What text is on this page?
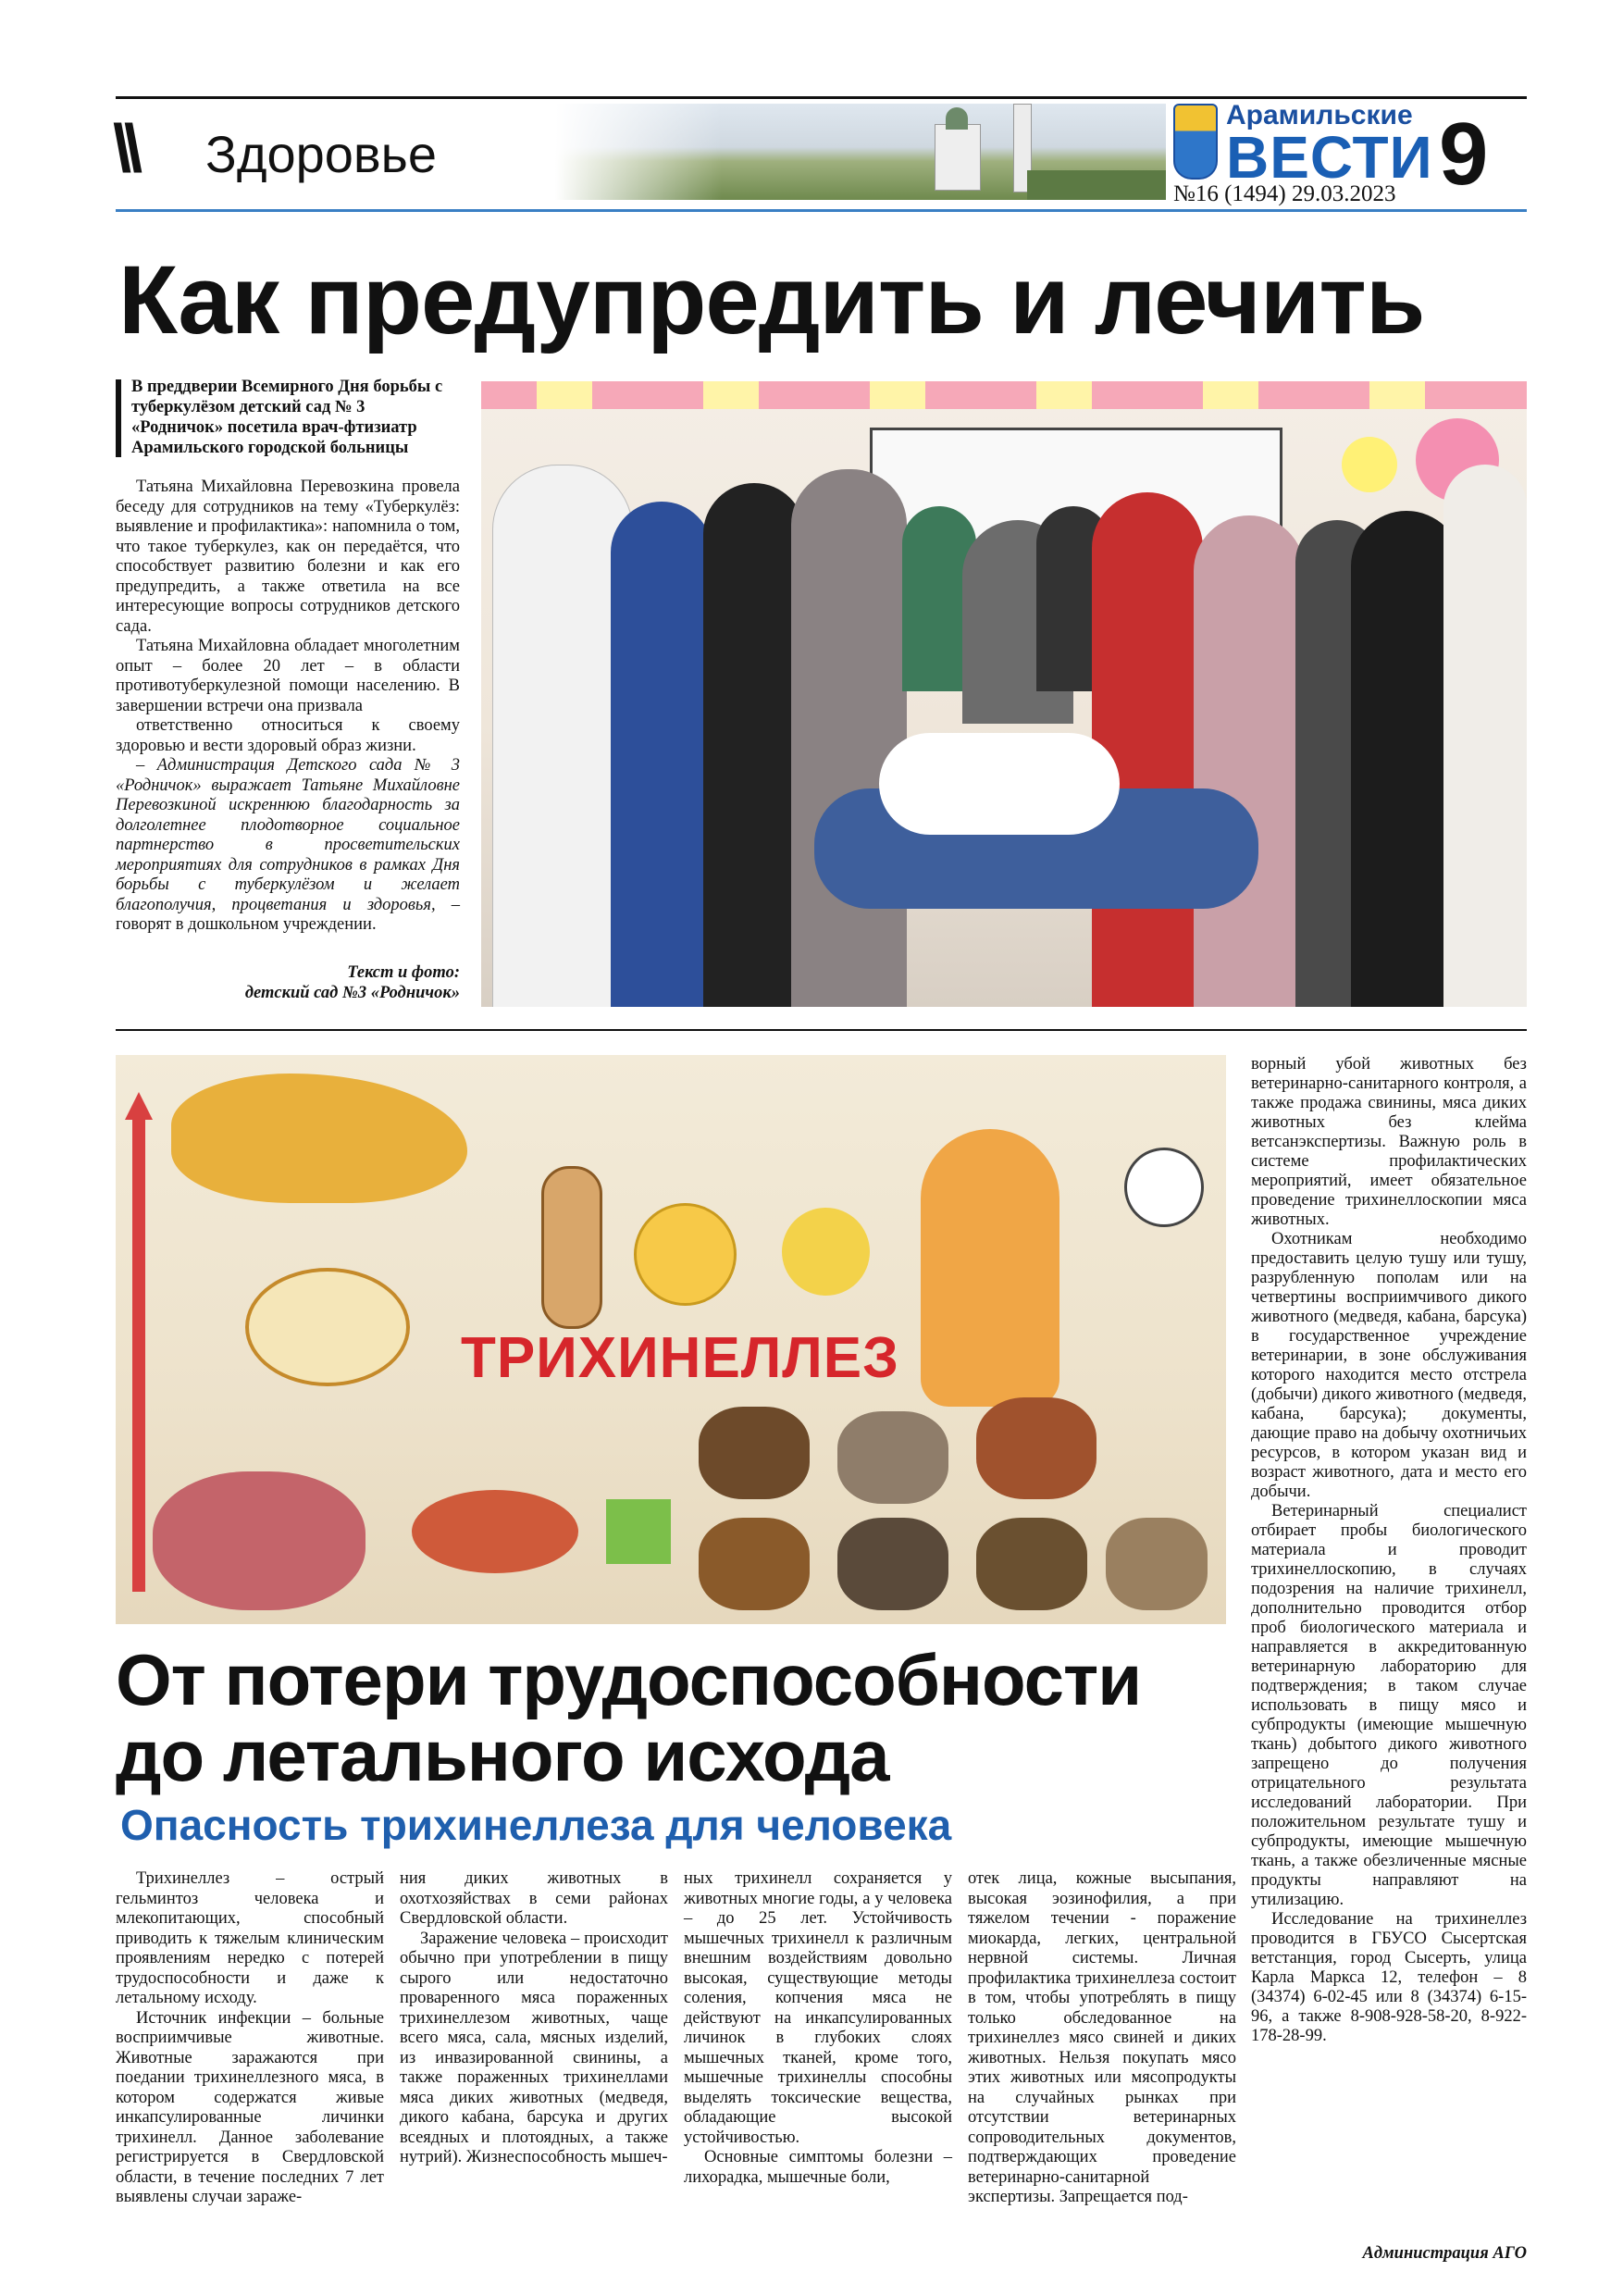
\\ Здоровье
Арамильские
ВЕСТИ
№16 (1494) 29.03.2023 9
Как предупредить и лечить
В преддверии Всемирного Дня борьбы с туберкулёзом детский сад № 3 «Родничок» посетила врач-фтизиатр Арамильского городской больницы

Татьяна Михайловна Перевозкина провела беседу для сотрудников на тему «Туберкулёз: выявление и профилактика»: напомнила о том, что такое туберкулез, как он передаётся, что способствует развитию болезни и как его предупредить, а также ответила на все интересующие вопросы сотрудников детского сада.

Татьяна Михайловна обладает многолетним опыт – более 20 лет – в области противотуберкулезной помощи населению. В завершении встречи она призвала

ответственно относиться к своему здоровью и вести здоровый образ жизни.

– Администрация Детского сада № 3 «Родничок» выражает Татьяне Михайловне Перевозкиной искреннюю благодарность за долголетнее плодотворное социальное партнерство в просветительских мероприятиях для сотрудников в рамках Дня борьбы с туберкулёзом и желает благополучия, процветания и здоровья, – говорят в дошкольном учреждении.

Текст и фото:
детский сад №3 «Родничок»
ТРИХИНЕЛЛЕЗ
От потери трудоспособности
до летального исхода
Опасность трихинеллеза для человека

Трихинеллез – острый гельминтоз человека и млекопитающих, способный приводить к тяжелым клиническим проявлениям нередко с потерей трудоспособности и даже к летальному исходу.

Источник инфекции – больные восприимчивые животные. Животные заражаются при поедании трихинеллезного мяса, в котором содержатся живые инкапсулированные личинки трихинелл. Данное заболевание регистрируется в Свердловской области, в течение последних 7 лет выявлены случаи зараже-

ния диких животных в охотхозяйствах в семи районах Свердловской области.

Заражение человека – происходит обычно при употреблении в пищу сырого или недостаточно проваренного мяса пораженных трихинеллезом животных, чаще всего мяса, сала, мясных изделий, из инвазированной свинины, а также пораженных трихинеллами мяса диких животных (медведя, дикого кабана, барсука и других всеядных и плотоядных, а также нутрий). Жизнеспособность мышеч-

ных трихинелл сохраняется у животных многие годы, а у человека – до 25 лет. Устойчивость мышечных трихинелл к различным внешним воздействиям довольно высокая, существующие методы соления, копчения мяса не действуют на инкапсулированных личинок в глубоких слоях мышечных тканей, кроме того, мышечные трихинеллы способны выделять токсические вещества, обладающие высокой устойчивостью.

Основные симптомы болезни – лихорадка, мышечные боли,

отек лица, кожные высыпания, высокая эозинофилия, а при тяжелом течении - поражение миокарда, легких, центральной нервной системы. Личная профилактика трихинеллеза состоит в том, чтобы употреблять в пищу только обследованное на трихинеллез мясо свиней и диких животных. Нельзя покупать мясо этих животных или мясопродукты на случайных рынках при отсутствии ветеринарных сопроводительных документов, подтверждающих проведение ветеринарно-санитарной экспертизы. Запрещается под-

ворный убой животных без ветеринарно-санитарного контроля, а также продажа свинины, мяса диких животных без клейма ветсанэкспертизы. Важную роль в системе профилактических мероприятий, имеет обязательное проведение трихинеллоскопии мяса животных.

Охотникам необходимо предоставить целую тушу или тушу, разрубленную пополам или на четвертины восприимчивого дикого животного (медведя, кабана, барсука) в государственное учреждение ветеринарии, в зоне обслуживания которого находится место отстрела (добычи) дикого животного (медведя, кабана, барсука); документы, дающие право на добычу охотничьих ресурсов, в котором указан вид и возраст животного, дата и место его добычи.

Ветеринарный специалист отбирает пробы биологического материала и проводит трихинеллоскопию, в случаях подозрения на наличие трихинелл, дополнительно проводится отбор проб биологического материала и направляется в аккредитованную ветеринарную лабораторию для подтверждения; в таком случае использовать в пищу мясо и субпродукты (имеющие мышечную ткань) добытого дикого животного запрещено до получения отрицательного результата исследований лаборатории. При положительном результате тушу и субпродукты, имеющие мышечную ткань, а также обезличенные мясные продукты направляют на утилизацию.

Исследование на трихинеллез проводится в ГБУСО Сысертская ветстанция, город Сысерть, улица Карла Маркса 12, телефон – 8 (34374) 6-02-45 или 8 (34374) 6-15-96, а также 8-908-928-58-20, 8-922-178-28-99.

Администрация АГО
